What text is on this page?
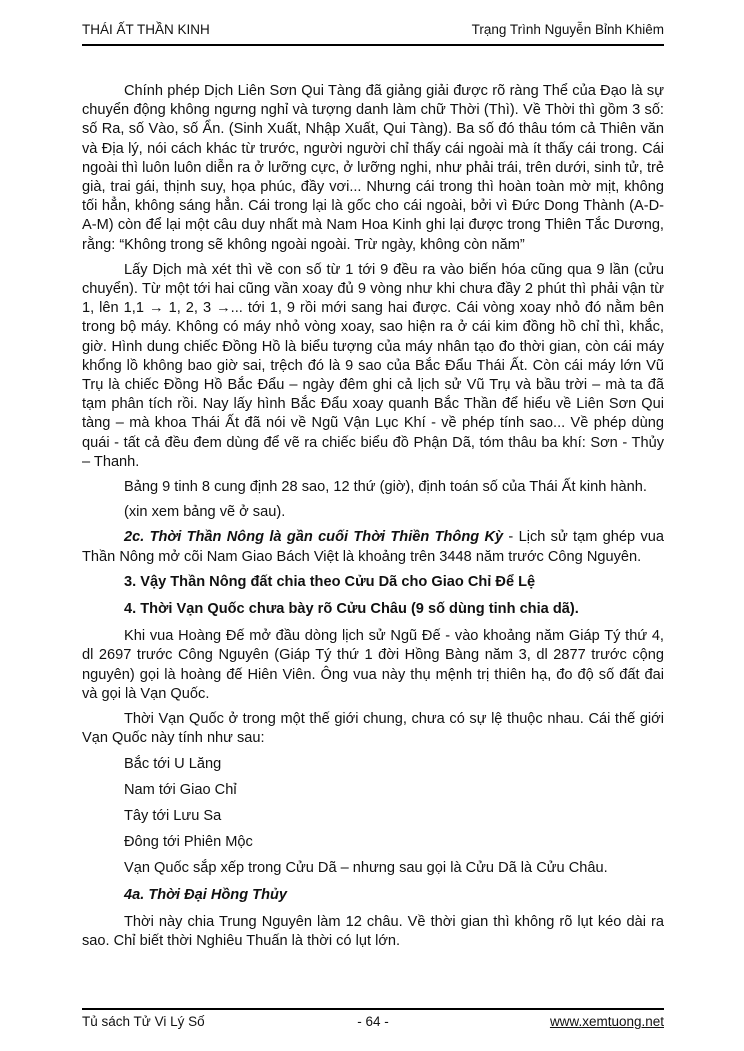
THÁI ẤT THẦN KINH	Trạng Trình Nguyễn Bỉnh Khiêm

Chính phép Dịch Liên Sơn Qui Tàng đã giảng giải được rõ ràng Thể của Đạo là sự chuyển động không ngưng nghỉ và tượng danh làm chữ Thời (Thì). Về Thời thì gồm 3 số: số Ra, số Vào, số Ẩn. (Sinh Xuất, Nhập Xuất, Qui Tàng). Ba số đó thâu tóm cả Thiên văn và Địa lý, nói cách khác từ trước, người người chỉ thấy cái ngoài mà ít thấy cái trong. Cái ngoài thì luôn luôn diễn ra ở lưỡng cực, ở lưỡng nghi, như phải trái, trên dưới, sinh tử, trẻ già, trai gái, thịnh suy, họa phúc, đầy vơi... Nhưng cái trong thì hoàn toàn mờ mịt, không tối hẳn, không sáng hẳn. Cái trong lại là gốc cho cái ngoài, bởi vì Đức Dong Thành (A-D-A-M) còn để lại một câu duy nhất mà Nam Hoa Kinh ghi lại được trong Thiên Tắc Dương, rằng: “Không trong sẽ không ngoài ngoài. Trừ ngày, không còn năm”

Lấy Dịch mà xét thì về con số từ 1 tới 9 đều ra vào biến hóa cũng qua 9 lần (cửu chuyển). Từ một tới hai cũng vần xoay đủ 9 vòng như khi chưa đầy 2 phút thì phải vận từ 1, lên 1,1 → 1, 2, 3 →... tới 1, 9 rồi mới sang hai được. Cái vòng xoay nhỏ đó nằm bên trong bộ máy. Không có máy nhỏ vòng xoay, sao hiện ra ở cái kim đồng hồ chỉ thì, khắc, giờ. Hình dung chiếc Đồng Hồ là biểu tượng của máy nhân tạo đo thời gian, còn cái máy khổng lồ không bao giờ sai, trệch đó là 9 sao của Bắc Đẩu Thái Ất. Còn cái máy lớn Vũ Trụ là chiếc Đồng Hồ Bắc Đẩu – ngày đêm ghi cả lịch sử Vũ Trụ và bầu trời – mà ta đã tạm phân tích rồi. Nay lấy hình Bắc Đẩu xoay quanh Bắc Thần để hiểu về Liên Sơn Qui tàng – mà khoa Thái Ất đã nói về Ngũ Vận Lục Khí - về phép tính sao... Về phép dùng quái - tất cả đều đem dùng để vẽ ra chiếc biểu đồ Phận Dã, tóm thâu ba khí: Sơn - Thủy – Thanh.

Bảng 9 tinh 8 cung định 28 sao, 12 thứ (giờ), định toán số của Thái Ất kinh hành.

(xin xem bảng vẽ ở sau).

2c. Thời Thần Nông là gần cuối Thời Thiền Thông Kỳ - Lịch sử tạm ghép vua Thần Nông mở cõi Nam Giao Bách Việt là khoảng trên 3448 năm trước Công Nguyên.

3. Vậy Thần Nông đất chia theo Cửu Dã cho Giao Chỉ Để Lệ

4. Thời Vạn Quốc chưa bày rõ Cửu Châu (9 số dùng tinh chia dã).

Khi vua Hoàng Đế mở đầu dòng lịch sử Ngũ Đế - vào khoảng năm Giáp Tý thứ 4, dl 2697 trước Công Nguyên (Giáp Tý thứ 1 đời Hồng Bàng năm 3, dl 2877 trước cộng nguyên) gọi là hoàng đế Hiên Viên. Ông vua này thụ mệnh trị thiên hạ, đo độ số đất đai và gọi là Vạn Quốc.

Thời Vạn Quốc ở trong một thế giới chung, chưa có sự lệ thuộc nhau. Cái thế giới Vạn Quốc này tính như sau:

Bắc tới U Lăng

Nam tới Giao Chỉ

Tây tới Lưu Sa

Đông tới Phiên Mộc

Vạn Quốc sắp xếp trong Cửu Dã – nhưng sau gọi là Cửu Dã là Cửu Châu.

4a. Thời Đại Hồng Thủy

Thời này chia Trung Nguyên làm 12 châu. Về thời gian thì không rõ lụt kéo dài ra sao. Chỉ biết thời Nghiêu Thuấn là thời có lụt lớn.

Tủ sách Tử Vi Lý Số	- 64 -	www.xemtuong.net
